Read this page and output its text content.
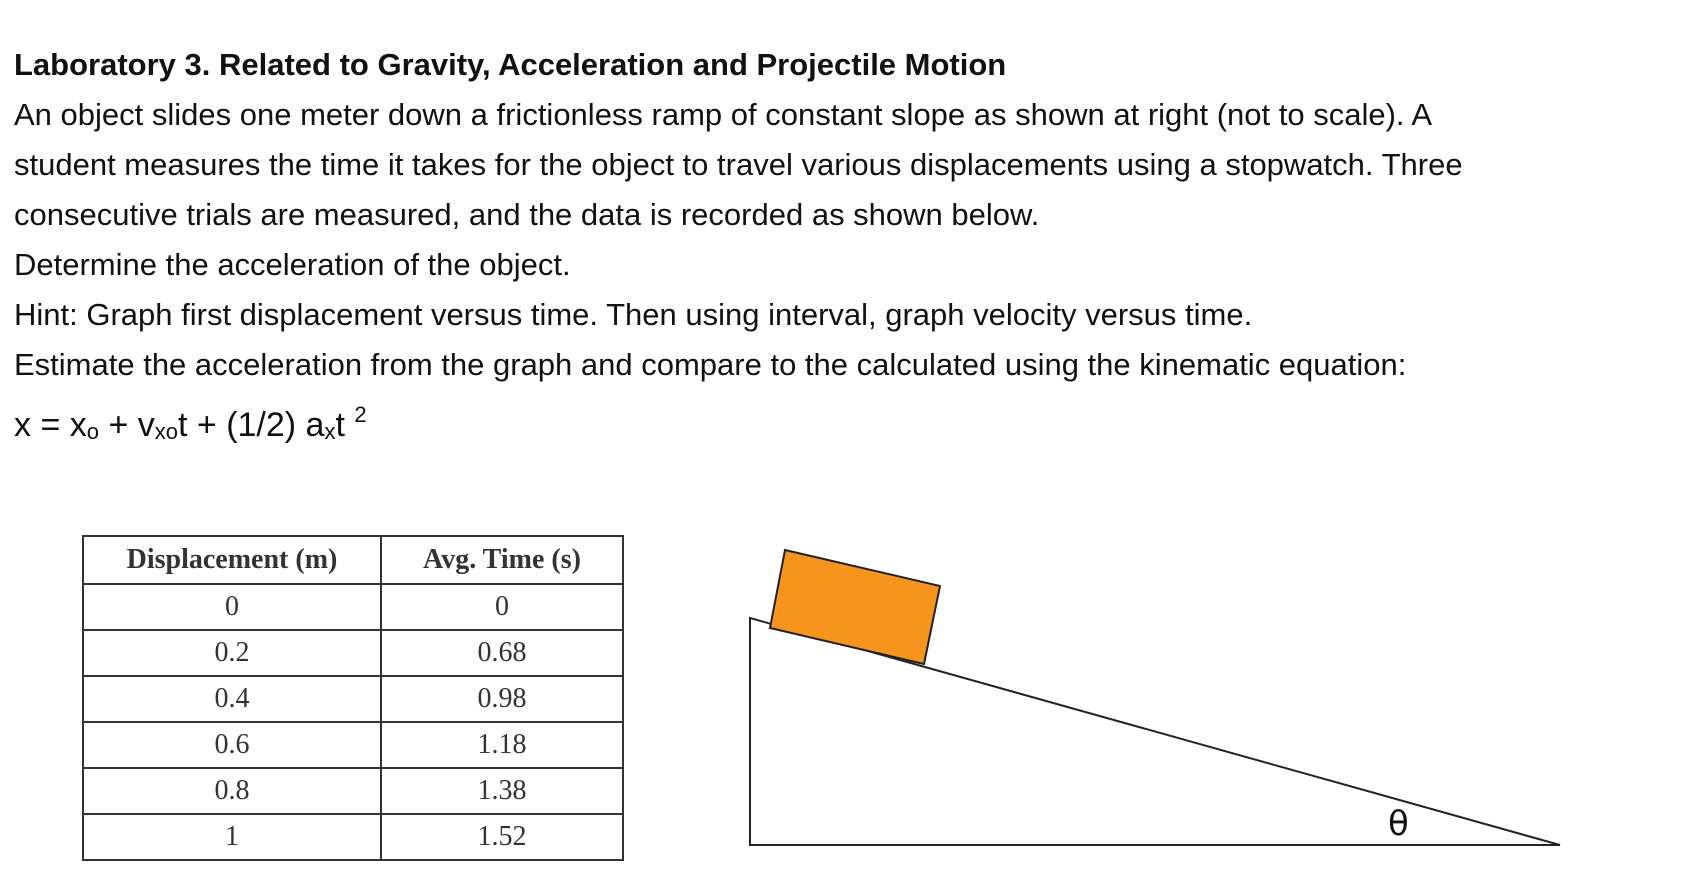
Laboratory 3. Related to Gravity, Acceleration and Projectile Motion

An object slides one meter down a frictionless ramp of constant slope as shown at right (not to scale). A

student measures the time it takes for the object to travel various displacements using a stopwatch. Three

consecutive trials are measured, and the data is recorded as shown below.

Determine the acceleration of the object.

Hint: Graph first displacement versus time. Then using interval, graph velocity versus time.

Estimate the acceleration from the graph and compare to the calculated using the kinematic equation:

$x = x_o + v_{xo}t + (1/2)$ $a_xt$ $^2$

Displacement (m)	Avg. Time (s)
0	0
0.2	0.68
0.4	0.98
0.6	1.18
0.8	1.38
1	1.52	θ
